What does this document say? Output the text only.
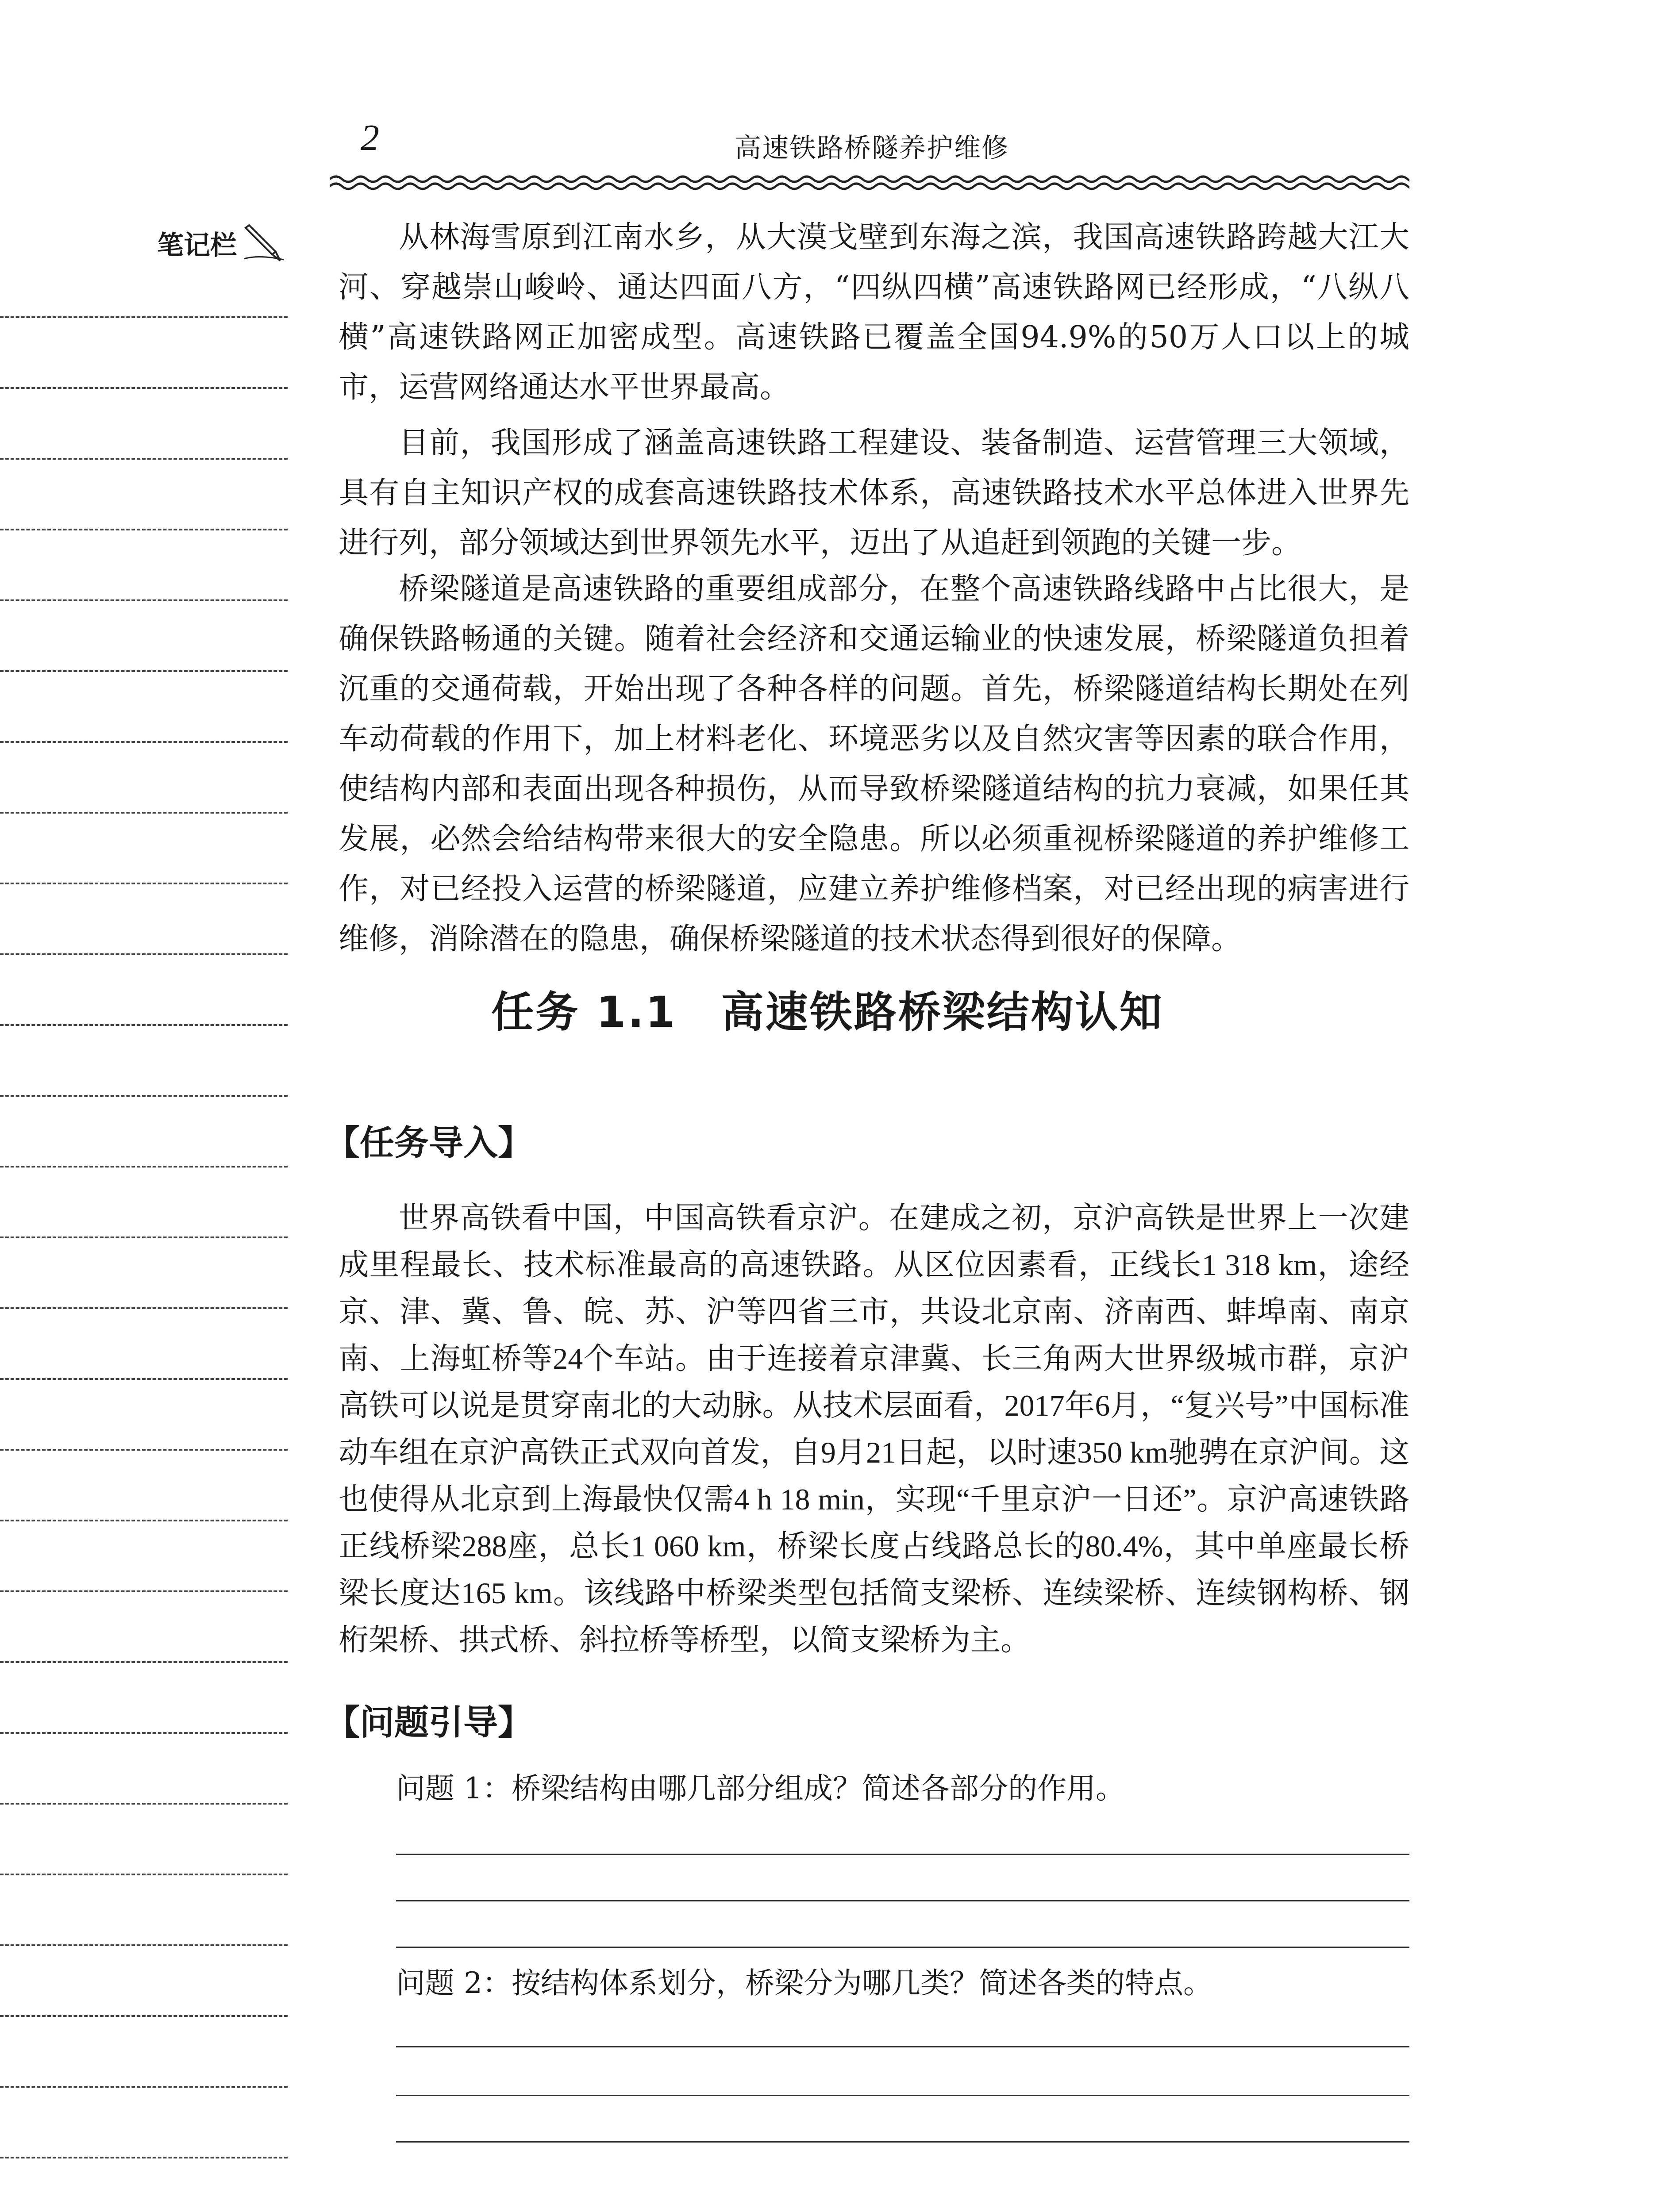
2	高速铁路桥隧养护维修
笔记栏	从林海雪原到江南水乡，从大漠戈壁到东海之滨，我国高速铁路跨越大江大河、穿越崇山峻岭、通达四面八方，“四纵四横”高速铁路网已经形成，“八纵八横”高速铁路网正加密成型。高速铁路已覆盖全国94.9%的50万人口以上的城市，运营网络通达水平世界最高。

目前，我国形成了涵盖高速铁路工程建设、装备制造、运营管理三大领域，具有自主知识产权的成套高速铁路技术体系，高速铁路技术水平总体进入世界先进行列，部分领域达到世界领先水平，迈出了从追赶到领跑的关键一步。

桥梁隧道是高速铁路的重要组成部分，在整个高速铁路线路中占比很大，是确保铁路畅通的关键。随着社会经济和交通运输业的快速发展，桥梁隧道负担着沉重的交通荷载，开始出现了各种各样的问题。首先，桥梁隧道结构长期处在列车动荷载的作用下，加上材料老化、环境恶劣以及自然灾害等因素的联合作用，使结构内部和表面出现各种损伤，从而导致桥梁隧道结构的抗力衰减，如果任其发展，必然会给结构带来很大的安全隐患。所以必须重视桥梁隧道的养护维修工作，对已经投入运营的桥梁隧道，应建立养护维修档案，对已经出现的病害进行维修，消除潜在的隐患，确保桥梁隧道的技术状态得到很好的保障。

任务 1.1　高速铁路桥梁结构认知
【任务导入】

世界高铁看中国，中国高铁看京沪。在建成之初，京沪高铁是世界上一次建成里程最长、技术标准最高的高速铁路。从区位因素看，正线长1 318 km，途经京、津、冀、鲁、皖、苏、沪等四省三市，共设北京南、济南西、蚌埠南、南京南、上海虹桥等24个车站。由于连接着京津冀、长三角两大世界级城市群，京沪高铁可以说是贯穿南北的大动脉。从技术层面看，2017年6月，“复兴号”中国标准动车组在京沪高铁正式双向首发，自9月21日起，以时速350 km驰骋在京沪间。这也使得从北京到上海最快仅需4 h 18 min，实现“千里京沪一日还”。京沪高速铁路正线桥梁288座，总长1 060 km，桥梁长度占线路总长的80.4%，其中单座最长桥梁长度达165 km。该线路中桥梁类型包括简支梁桥、连续梁桥、连续钢构桥、钢桁架桥、拱式桥、斜拉桥等桥型，以简支梁桥为主。

【问题引导】
问题 1：桥梁结构由哪几部分组成？简述各部分的作用。
问题 2：按结构体系划分，桥梁分为哪几类？简述各类的特点。
